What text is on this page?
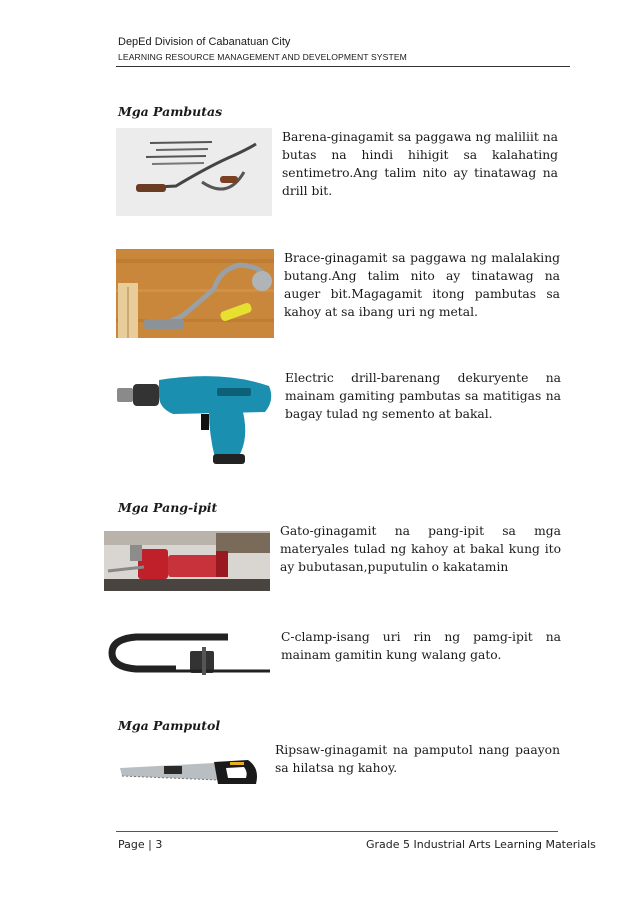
DepEd Division of Cabanatuan City
LEARNING RESOURCE MANAGEMENT AND DEVELOPMENT SYSTEM
Mga Pambutas
Barena-ginagamit sa paggawa ng maliliit na butas na hindi hihigit sa kalahating sentimetro.Ang talim nito ay tinatawag na drill bit.
Brace-ginagamit sa paggawa ng malalaking butang.Ang talim nito ay tinatawag na auger bit.Magagamit itong pambutas sa kahoy at sa ibang uri ng metal.
Electric drill-barenang dekuryente na mainam gamiting pambutas sa matitigas na bagay tulad ng semento at bakal.
Mga Pang-ipit
Gato-ginagamit na pang-ipit sa mga materyales tulad ng kahoy at bakal kung ito ay bubutasan,puputulin o kakatamin
C-clamp-isang uri rin ng pamg-ipit na mainam gamitin kung walang gato.
Mga Pamputol
Ripsaw-ginagamit na pamputol nang paayon sa hilatsa ng kahoy.
Page | 3	Grade 5 Industrial Arts Learning Materials
